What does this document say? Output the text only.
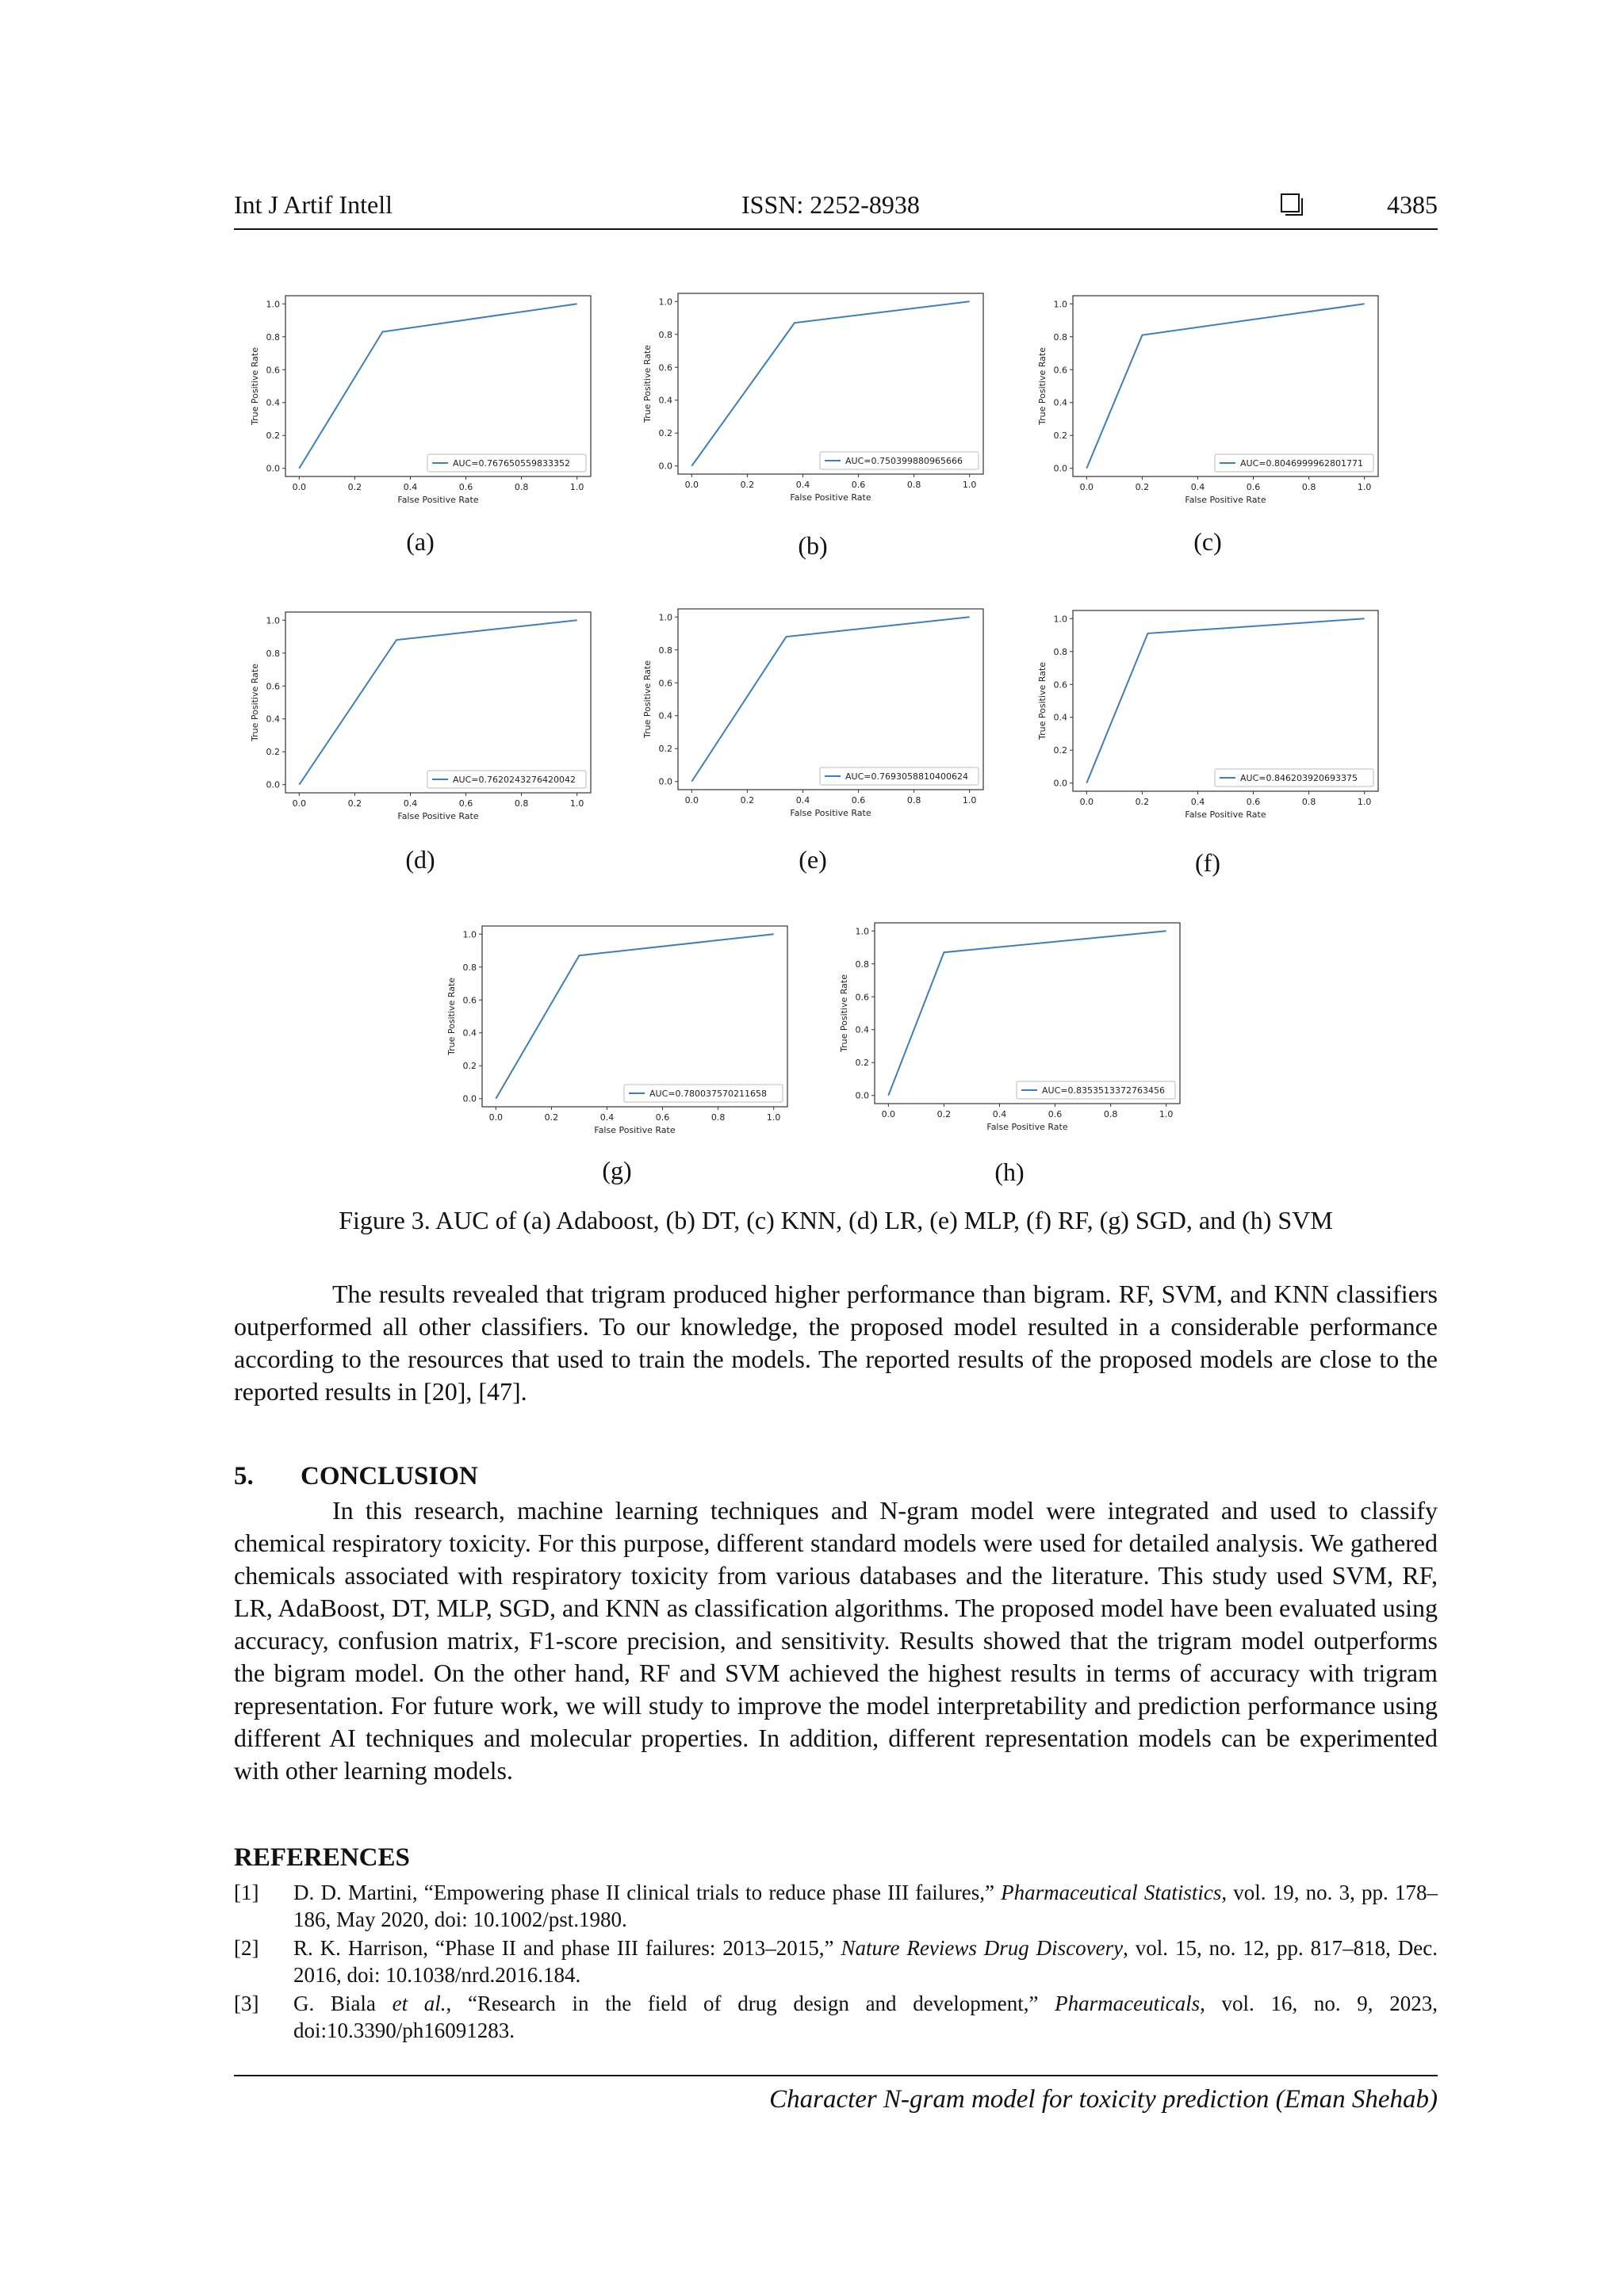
Int J Artif Intell	ISSN: 2252-8938	4385
0.0	0.2	0.4	0.6	0.8	1.0
0.0
0.2
0.4
0.6
0.8
1.0
False Positive Rate
True Positive Rate
AUC=0.767650559833352
(a)
0.0	0.2	0.4	0.6	0.8	1.0
0.0
0.2
0.4
0.6
0.8
1.0
False Positive Rate
True Positive Rate
AUC=0.750399880965666
(b)
0.0	0.2	0.4	0.6	0.8	1.0
0.0
0.2
0.4
0.6
0.8
1.0
False Positive Rate
True Positive Rate
AUC=0.8046999962801771
(c)
0.0	0.2	0.4	0.6	0.8	1.0
0.0
0.2
0.4
0.6
0.8
1.0
False Positive Rate
True Positive Rate
AUC=0.7620243276420042
(d)
0.0	0.2	0.4	0.6	0.8	1.0
0.0
0.2
0.4
0.6
0.8
1.0
False Positive Rate
True Positive Rate
AUC=0.7693058810400624
(e)
0.0	0.2	0.4	0.6	0.8	1.0
0.0
0.2
0.4
0.6
0.8
1.0
False Positive Rate
True Positive Rate
AUC=0.846203920693375
(f)
0.0	0.2	0.4	0.6	0.8	1.0
0.0
0.2
0.4
0.6
0.8
1.0
False Positive Rate
True Positive Rate
AUC=0.780037570211658
(g)
0.0	0.2	0.4	0.6	0.8	1.0
0.0
0.2
0.4
0.6
0.8
1.0
False Positive Rate
True Positive Rate
AUC=0.8353513372763456
(h)
Figure 3. AUC of (a) Adaboost, (b) DT, (c) KNN, (d) LR, (e) MLP, (f) RF, (g) SGD, and (h) SVM

The results revealed that trigram produced higher performance than bigram. RF, SVM, and KNN classifiers outperformed all other classifiers. To our knowledge, the proposed model resulted in a considerable performance according to the resources that used to train the models. The reported results of the proposed models are close to the reported results in [20], [47].

5. CONCLUSION

In this research, machine learning techniques and N-gram model were integrated and used to classify chemical respiratory toxicity. For this purpose, different standard models were used for detailed analysis. We gathered chemicals associated with respiratory toxicity from various databases and the literature. This study used SVM, RF, LR, AdaBoost, DT, MLP, SGD, and KNN as classification algorithms. The proposed model have been evaluated using accuracy, confusion matrix, F1-score precision, and sensitivity. Results showed that the trigram model outperforms the bigram model. On the other hand, RF and SVM achieved the highest results in terms of accuracy with trigram representation. For future work, we will study to improve the model interpretability and prediction performance using different AI techniques and molecular properties. In addition, different representation models can be experimented with other learning models.

REFERENCES
[1] D. D. Martini, “Empowering phase II clinical trials to reduce phase III failures,” Pharmaceutical Statistics, vol. 19, no. 3, pp. 178–186, May 2020, doi: 10.1002/pst.1980.
[2] R. K. Harrison, “Phase II and phase III failures: 2013–2015,” Nature Reviews Drug Discovery, vol. 15, no. 12, pp. 817–818, Dec. 2016, doi: 10.1038/nrd.2016.184.
[3] G. Biala et al., “Research in the field of drug design and development,” Pharmaceuticals, vol. 16, no. 9, 2023, doi:10.3390/ph16091283.
Character N-gram model for toxicity prediction (Eman Shehab)
